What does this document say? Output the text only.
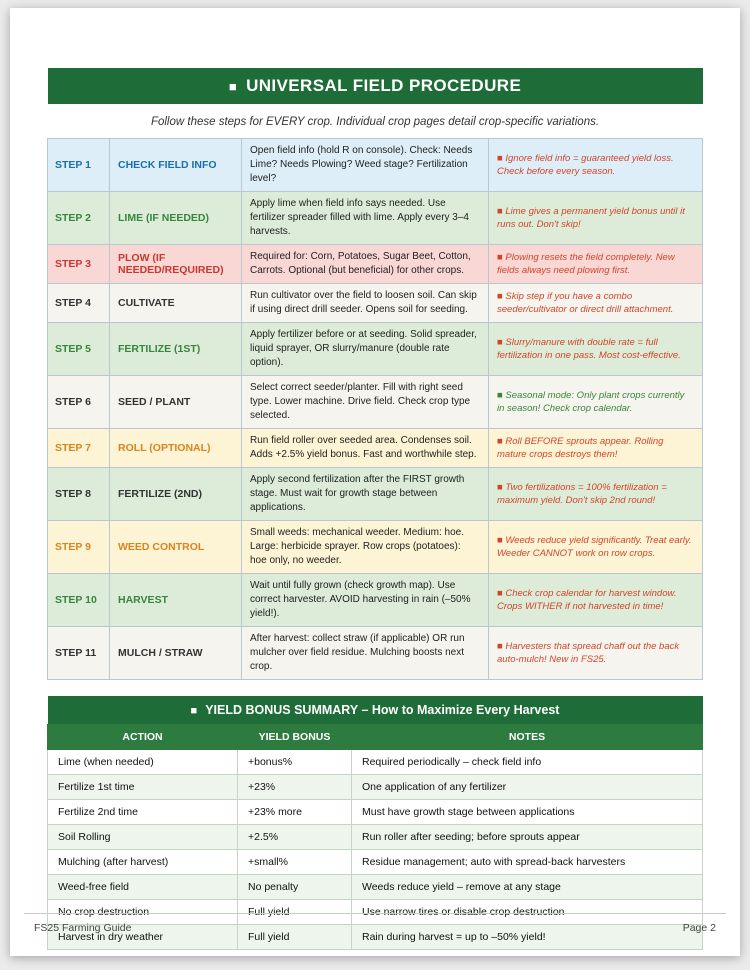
■ UNIVERSAL FIELD PROCEDURE

Follow these steps for EVERY crop. Individual crop pages detail crop-specific variations.

STEP 1	CHECK FIELD INFO	Open field info (hold R on console). Check: Needs Lime? Needs Plowing? Weed stage? Fertilization level?	■ Ignore field info = guaranteed yield loss. Check before every season.
STEP 2	LIME (IF NEEDED)	Apply lime when field info says needed. Use fertilizer spreader filled with lime. Apply every 3–4 harvests.	■ Lime gives a permanent yield bonus until it runs out. Don't skip!
STEP 3	PLOW (IF NEEDED/REQUIRED)	Required for: Corn, Potatoes, Sugar Beet, Cotton, Carrots. Optional (but beneficial) for other crops.	■ Plowing resets the field completely. New fields always need plowing first.
STEP 4	CULTIVATE	Run cultivator over the field to loosen soil. Can skip if using direct drill seeder. Opens soil for seeding.	■ Skip step if you have a combo seeder/cultivator or direct drill attachment.
STEP 5	FERTILIZE (1ST)	Apply fertilizer before or at seeding. Solid spreader, liquid sprayer, OR slurry/manure (double rate option).	■ Slurry/manure with double rate = full fertilization in one pass. Most cost-effective.
STEP 6	SEED / PLANT	Select correct seeder/planter. Fill with right seed type. Lower machine. Drive field. Check crop type selected.	■ Seasonal mode: Only plant crops currently in season! Check crop calendar.
STEP 7	ROLL (OPTIONAL)	Run field roller over seeded area. Condenses soil. Adds +2.5% yield bonus. Fast and worthwhile step.	■ Roll BEFORE sprouts appear. Rolling mature crops destroys them!
STEP 8	FERTILIZE (2ND)	Apply second fertilization after the FIRST growth stage. Must wait for growth stage between applications.	■ Two fertilizations = 100% fertilization = maximum yield. Don't skip 2nd round!
STEP 9	WEED CONTROL	Small weeds: mechanical weeder. Medium: hoe. Large: herbicide sprayer. Row crops (potatoes): hoe only, no weeder.	■ Weeds reduce yield significantly. Treat early. Weeder CANNOT work on row crops.
STEP 10	HARVEST	Wait until fully grown (check growth map). Use correct harvester. AVOID harvesting in rain (–50% yield!).	■ Check crop calendar for harvest window. Crops WITHER if not harvested in time!
STEP 11	MULCH / STRAW	After harvest: collect straw (if applicable) OR run mulcher over field residue. Mulching boosts next crop.	■ Harvesters that spread chaff out the back auto-mulch! New in FS25.
■ YIELD BONUS SUMMARY – How to Maximize Every Harvest
ACTION	YIELD BONUS	NOTES
Lime (when needed)	+bonus%	Required periodically – check field info
Fertilize 1st time	+23%	One application of any fertilizer
Fertilize 2nd time	+23% more	Must have growth stage between applications
Soil Rolling	+2.5%	Run roller after seeding; before sprouts appear
Mulching (after harvest)	+small%	Residue management; auto with spread-back harvesters
Weed-free field	No penalty	Weeds reduce yield – remove at any stage
No crop destruction	Full yield	Use narrow tires or disable crop destruction
Harvest in dry weather	Full yield	Rain during harvest = up to –50% yield!
FS25 Farming Guide	Page 2
